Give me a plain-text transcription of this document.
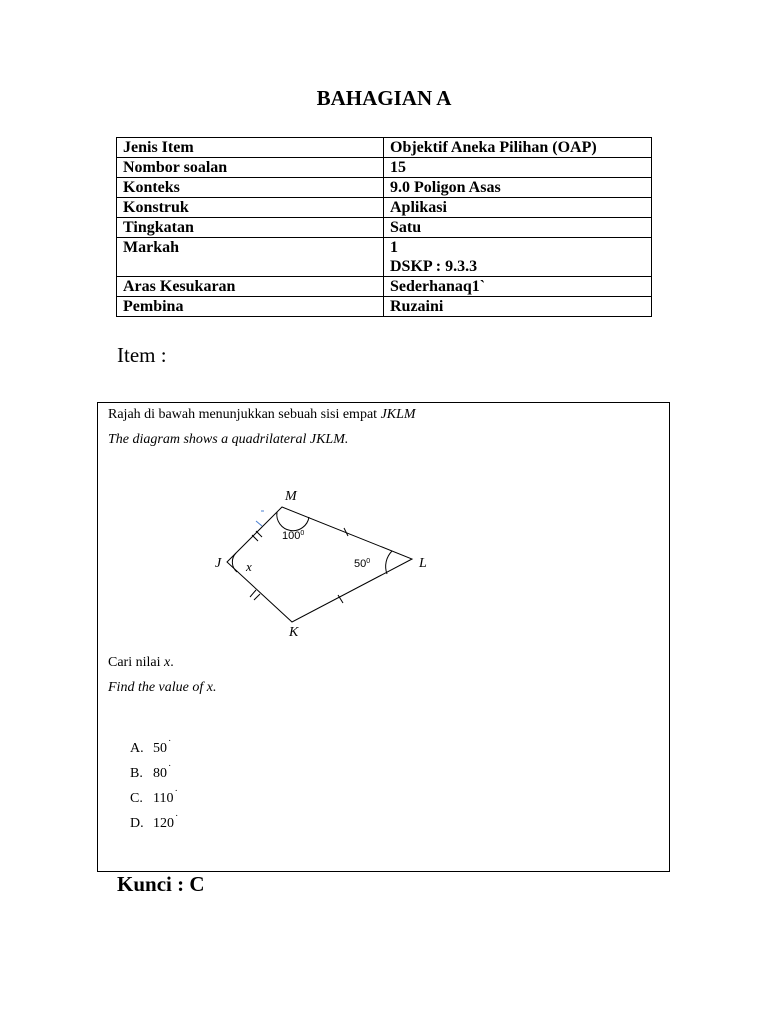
BAHAGIAN A
Jenis Item	Objektif Aneka Pilihan (OAP)
Nombor soalan	15
Konteks	9.0 Poligon Asas
Konstruk	Aplikasi
Tingkatan	Satu
Markah	1
DSKP : 9.3.3

Aras Kesukaran	Sederhanaq1`
Pembina	Ruzaini
Item :
Rajah di bawah menunjukkan sebuah sisi empat JKLM
The diagram shows a quadrilateral JKLM.
M
J	L
K
$100^0$
$50^0$
x
Cari nilai x.
Find the value of x.
A. 50˙
B. 80˙
C. 110˙
D. 120˙
Kunci : C
